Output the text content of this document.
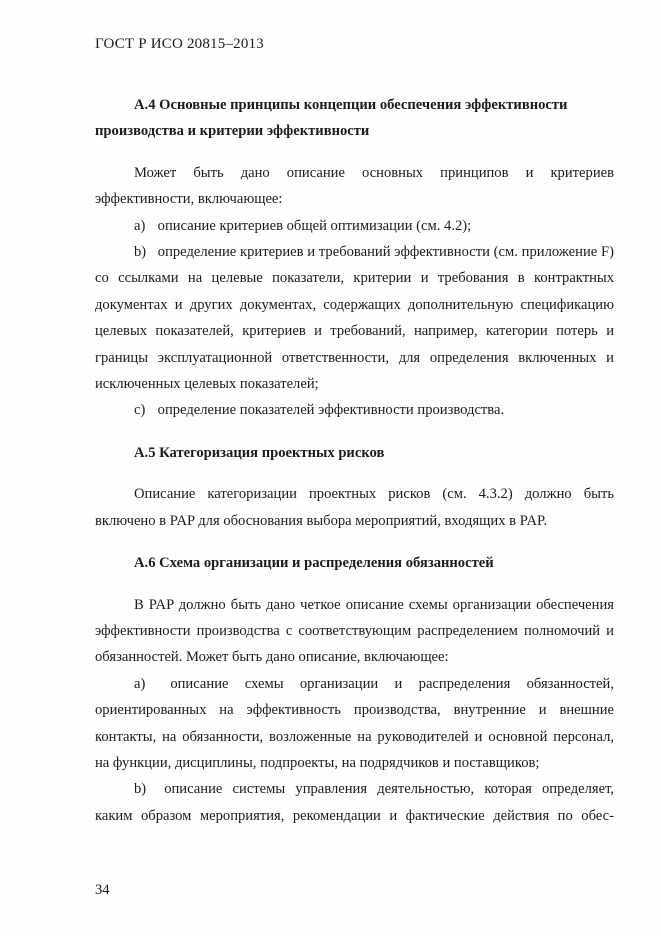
ГОСТ Р ИСО 20815–2013
А.4 Основные принципы концепции обеспечения эффективности производства и критерии эффективности

Может быть дано описание основных принципов и критериев эффективности, включающее:

a) описание критериев общей оптимизации (см. 4.2);

b) определение критериев и требований эффективности (см. приложение F) со ссылками на целевые показатели, критерии и требования в контрактных документах и других документах, содержащих дополнительную спецификацию целевых показателей, критериев и требований, например, категории потерь и границы эксплуатационной ответственности, для определения включенных и исключенных целевых показателей;

c) определение показателей эффективности производства.

А.5 Категоризация проектных рисков

Описание категоризации проектных рисков (см. 4.3.2) должно быть включено в PAP для обоснования выбора мероприятий, входящих в PAP.

А.6 Схема организации и распределения обязанностей

В PAP должно быть дано четкое описание схемы организации обеспечения эффективности производства с соответствующим распределением полномочий и обязанностей. Может быть дано описание, включающее:

a) описание схемы организации и распределения обязанностей, ориентированных на эффективность производства, внутренние и внешние контакты, на обязанности, возложенные на руководителей и основной персонал, на функции, дисциплины, подпроекты, на подрядчиков и поставщиков;

b) описание системы управления деятельностью, которая определяет, каким образом мероприятия, рекомендации и фактические действия по обес-

34
